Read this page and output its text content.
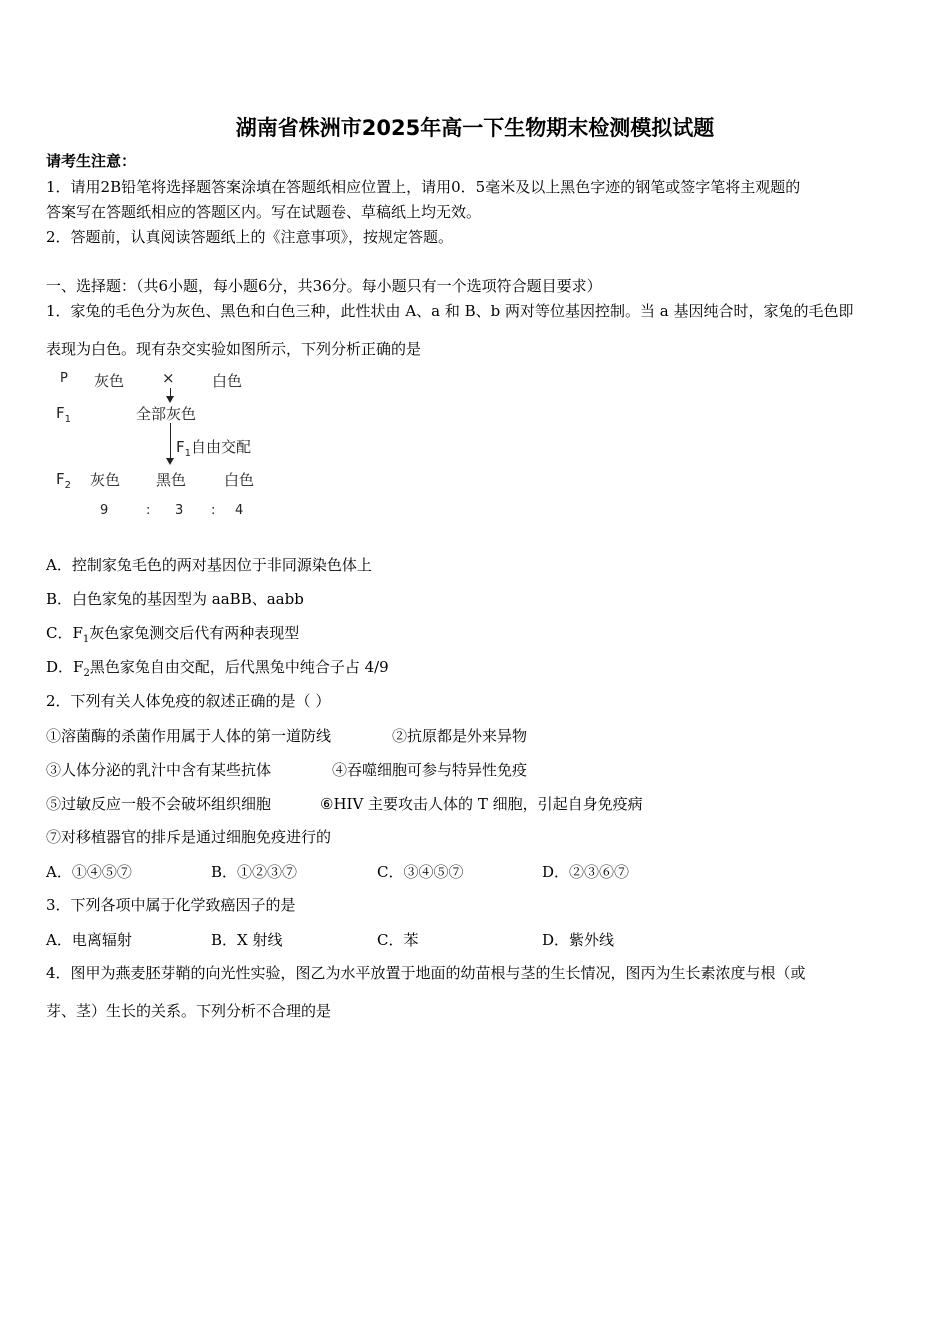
湖南省株洲市2025年高一下生物期末检测模拟试题
请考生注意：
1．请用2B铅笔将选择题答案涂填在答题纸相应位置上，请用0．5毫米及以上黑色字迹的钢笔或签字笔将主观题的
答案写在答题纸相应的答题区内。写在试题卷、草稿纸上均无效。
2．答题前，认真阅读答题纸上的《注意事项》，按规定答题。
一、选择题：（共6小题，每小题6分，共36分。每小题只有一个选项符合题目要求）
1．家兔的毛色分为灰色、黑色和白色三种，此性状由 A、a 和 B、b 两对等位基因控制。当 a 基因纯合时，家兔的毛色即
表现为白色。现有杂交实验如图所示，下列分析正确的是
P 灰色	× 白色
$F_1$	全部灰色
$F_1$自由交配
$F_2$ 灰色 黑色	白色
9	: 3 : 4
A．控制家兔毛色的两对基因位于非同源染色体上
B．白色家兔的基因型为 aaBB、aabb
C．$F_1$灰色家兔测交后代有两种表现型
D．$F_2$黑色家兔自由交配，后代黑兔中纯合子占 4/9
2．下列有关人体免疫的叙述正确的是（ ）
①溶菌酶的杀菌作用属于人体的第一道防线	②抗原都是外来异物
③人体分泌的乳汁中含有某些抗体	④吞噬细胞可参与特异性免疫
⑤过敏反应一般不会破坏组织细胞	⑥HIV 主要攻击人体的 T 细胞，引起自身免疫病
⑦对移植器官的排斥是通过细胞免疫进行的
A．①④⑤⑦	B．①②③⑦	C．③④⑤⑦	D．②③⑥⑦
3．下列各项中属于化学致癌因子的是
A．电离辐射	B．X 射线	C．苯	D．紫外线
4．图甲为燕麦胚芽鞘的向光性实验，图乙为水平放置于地面的幼苗根与茎的生长情况，图丙为生长素浓度与根（或
芽、茎）生长的关系。下列分析不合理的是
